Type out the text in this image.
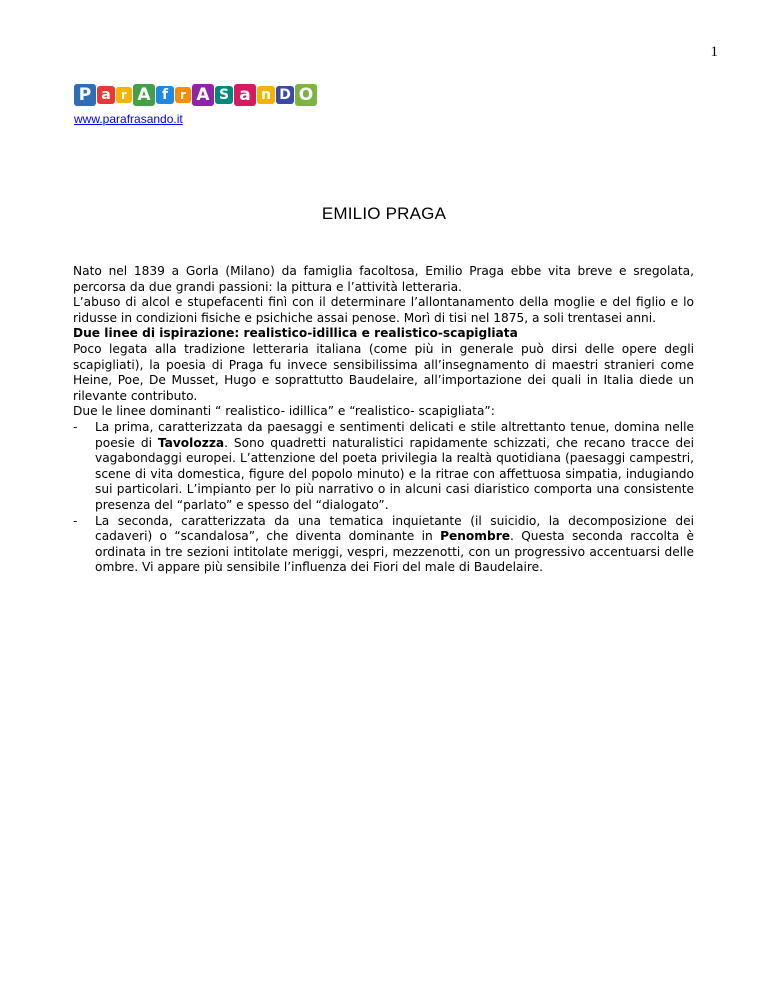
1
P a r A f r A S a n D O
www.parafrasando.it
EMILIO PRAGA

Nato nel 1839 a Gorla (Milano) da famiglia facoltosa, Emilio Praga ebbe vita breve e sregolata, percorsa da due grandi passioni: la pittura e l’attività letteraria.

L’abuso di alcol e stupefacenti finì con il determinare l’allontanamento della moglie e del figlio e lo ridusse in condizioni fisiche e psichiche assai penose. Morì di tisi nel 1875, a soli trentasei anni.

Due linee di ispirazione: realistico-idillica e realistico-scapigliata

Poco legata alla tradizione letteraria italiana (come più in generale può dirsi delle opere degli scapigliati), la poesia di Praga fu invece sensibilissima all’insegnamento di maestri stranieri come Heine, Poe, De Musset, Hugo e soprattutto Baudelaire, all’importazione dei quali in Italia diede un rilevante contributo.

Due le linee dominanti “ realistico- idillica” e “realistico- scapigliata”:

-	La prima, caratterizzata da paesaggi e sentimenti delicati e stile altrettanto tenue, domina nelle poesie di Tavolozza. Sono quadretti naturalistici rapidamente schizzati, che recano tracce dei vagabondaggi europei. L’attenzione del poeta privilegia la realtà quotidiana (paesaggi campestri, scene di vita domestica, figure del popolo minuto) e la ritrae con affettuosa simpatia, indugiando sui particolari. L’impianto per lo più narrativo o in alcuni casi diaristico comporta una consistente presenza del “parlato” e spesso del “dialogato”.
-	La seconda, caratterizzata da una tematica inquietante (il suicidio, la decomposizione dei cadaveri) o “scandalosa”, che diventa dominante in Penombre. Questa seconda raccolta è ordinata in tre sezioni intitolate meriggi, vespri, mezzenotti, con un progressivo accentuarsi delle ombre. Vi appare più sensibile l’influenza dei Fiori del male di Baudelaire.
